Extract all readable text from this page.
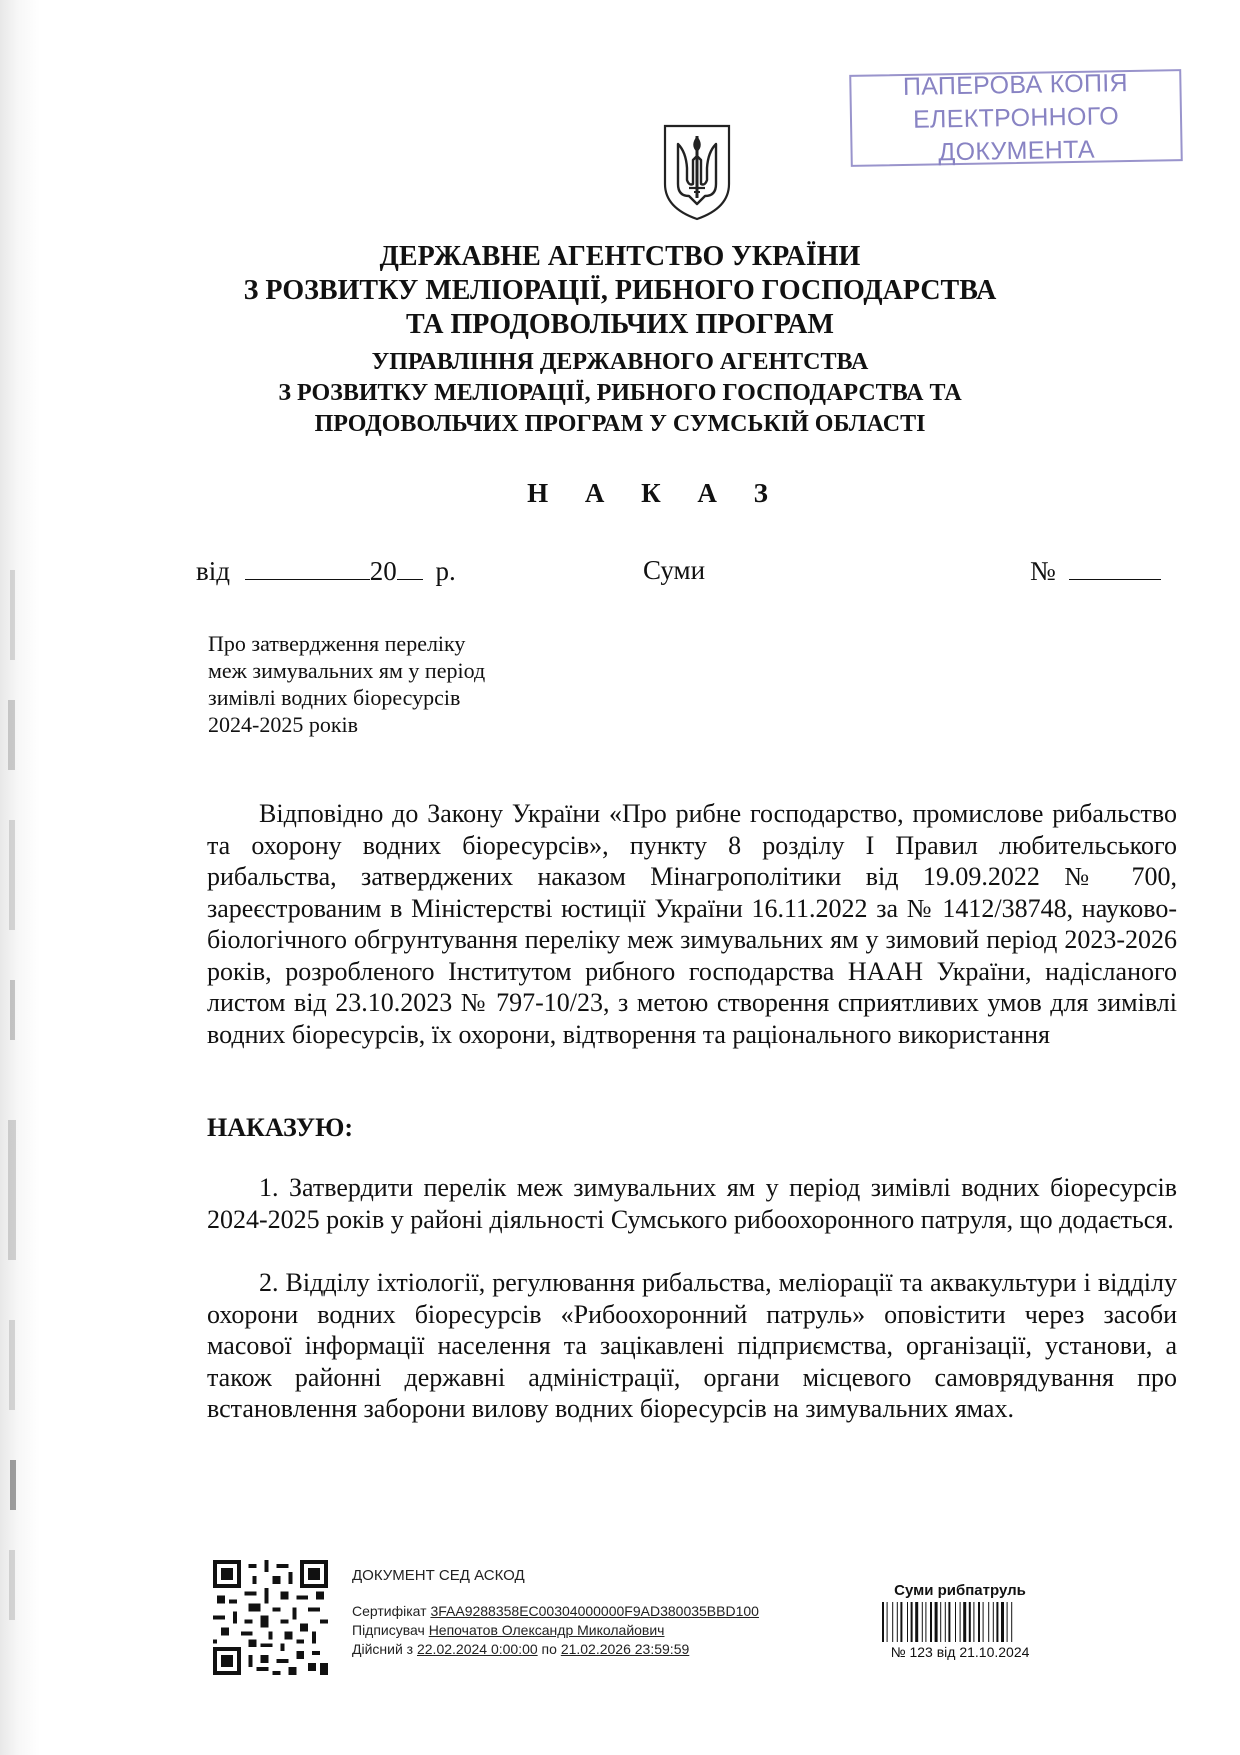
ПАПЕРОВА КОПІЯ
ЕЛЕКТРОННОГО ДОКУМЕНТА
ДЕРЖАВНЕ АГЕНТСТВО УКРАЇНИ
З РОЗВИТКУ МЕЛІОРАЦІЇ, РИБНОГО ГОСПОДАРСТВА
ТА ПРОДОВОЛЬЧИХ ПРОГРАМ
УПРАВЛІННЯ ДЕРЖАВНОГО АГЕНТСТВА
З РОЗВИТКУ МЕЛІОРАЦІЇ, РИБНОГО ГОСПОДАРСТВА ТА
ПРОДОВОЛЬЧИХ ПРОГРАМ У СУМСЬКІЙ ОБЛАСТІ
Н А К А З
від	20 р.	Суми	№
Про затвердження переліку
меж зимувальних ям у період
зимівлі водних біоресурсів
2024-2025 років
Відповідно до Закону України «Про рибне господарство, промислове рибальство та охорону водних біоресурсів», пункту 8 розділу І Правил любительського рибальства, затверджених наказом Мінагрополітики від 19.09.2022 № 700, зареєстрованим в Міністерстві юстиції України 16.11.2022 за № 1412/38748, науково-біологічного обгрунтування переліку меж зимувальних ям у зимовий період 2023-2026 років, розробленого Інститутом рибного господарства НААН України, надісланого листом від 23.10.2023 № 797-10/23, з метою створення сприятливих умов для зимівлі водних біоресурсів, їх охорони, відтворення та раціонального використання
НАКАЗУЮ:
1. Затвердити перелік меж зимувальних ям у період зимівлі водних біоресурсів 2024-2025 років у районі діяльності Сумського рибоохоронного патруля, що додається.
2. Відділу іхтіології, регулювання рибальства, меліорації та аквакультури і відділу охорони водних біоресурсів «Рибоохоронний патруль» оповістити через засоби масової інформації населення та зацікавлені підприємства, організації, установи, а також районні державні адміністрації, органи місцевого самоврядування про встановлення заборони вилову водних біоресурсів на зимувальних ямах.
ДОКУМЕНТ СЕД АСКОД
Сертифікат 3FAA9288358EC00304000000F9AD380035BBD100
Підписувач Непочатов Олександр Миколайович
Дійсний з 22.02.2024 0:00:00 по 21.02.2026 23:59:59
Суми рибпатруль
№ 123 від 21.10.2024
